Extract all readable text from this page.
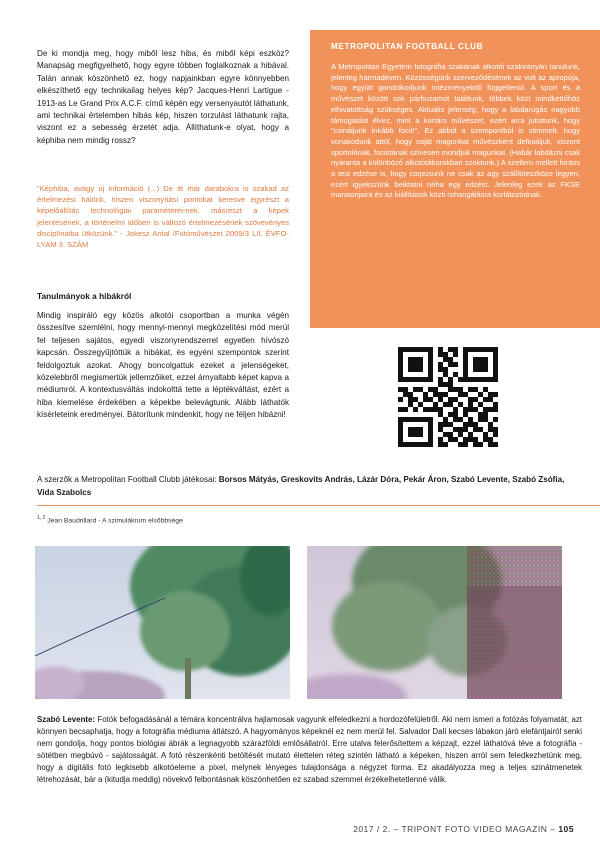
De ki mondja meg, hogy miből lesz hiba, és miből képi eszköz? Manapság megfigyelhető, hogy egyre többen foglalkoznak a hibával. Talán annak köszönhető ez, hogy napjainkban egyre könnyebben elkészíthető egy technikailag helyes kép? Jacques-Henri Lartigue - 1913-as Le Grand Prix A.C.F. című képén egy versenyautót láthatunk, ami technikai értelemben hibás kép, hiszen torzulást láthatunk rajta, viszont ez a sebesség érzetét adja. Állíthatunk-e olyat, hogy a képhiba nem mindig rossz?

"Képhiba, avagy új információ (...) De itt már darabokra is szakad az értelmezési hálónk, hiszen viszonyítási pontokat keresve egyrészt a képelőállítás technológiai paraméterei-nek, másrészt a képek jelentésének, a történelmi időben is változó értelmezésének szövevényes disciplínáiba ütközünk." - Jokesz Antal /Fotóművészet 2009/3 LII. ÉVFO-LYAM 3. SZÁM

Tanulmányok a hibákról

Mindig inspiráló egy közös alkotói csoportban a munka végén összesítve szemlélni, hogy mennyi-mennyi megközelítési mód merül fel teljesen sajátos, egyedi viszonyrendszerrel egyetlen hívószó kapcsán. Összegyűjtöttük a hibákat, és egyéni szempontok szerint feldolgoztuk azokat. Ahogy boncolgattuk ezeket a jelenségeket, közelebbről megismertük jellemzőiket, ezzel árnyaltabb képet kapva a médiumról. A kontextusváltás indokolttá tette a léptékváltást, ezért a hiba kiemelése érdekében a képekbe belevágtunk. Alább láthatók kísérleteink eredményei. Bátorítunk mindenkit, hogy ne féljen hibázni!

METROPOLITAN FOOTBALL CLUB

A Metropolitan Egyetem fotográfia szakának alkotói szakirányán tanulunk, jelenleg harmadéven. Közösségünk szerveződésének az volt az apropója, hogy együtt gondolkodjunk intézményektől függetlenül. A sport és a művészet között sok párhuzamot találtunk, többek közt mindkettőhöz elhivatottság szükséges. Aktuális jelenség, hogy a labdarúgás nagyobb támogatást élvez, mint a kortárs művészet, ezért arra jutottunk, hogy "csináljunk inkább focit!". Ez abból a szempontból is stimmelt, hogy vonakodunk attól, hogy saját magunkat művészként definiáljuk, viszont sportolónak, focistának szívesen mondjuk magunkat. (Habár labdázni csak nyaranta a különböző alkotótáborokban szoktunk.) A szellem mellett fontos a test edzése is, hogy corpusunk ne csak az agy szállítóeszköze legyen, ezért igyekszünk beiktatni néha egy edzést. Jelenleg ezek az FKSE maratonjaira és az kiállítások közti rohangálásra korlátozódnak.

A szerzők a Metropolitan Football Clubb játékosai: Borsos Mátyás, Greskovits András, Lázár Dóra, Pekár Áron, Szabó Levente, Szabó Zsófia, Vida Szabolcs

$^{1, 2}$ Jean Baudrillard - A szimulákrum elsőbbsége

Szabó Levente: Fotók befogadásánál a témára koncentrálva hajlamosak vagyunk elfeledkezni a hordozófelületről. Aki nem ismeri a fotózás folyamatát, azt könnyen becsaphatja, hogy a fotográfia médiuma átlátszó. A hagyományos képeknél ez nem merül fel. Salvador Dalí kecses lábakon járó elefántjairól senki nem gondolja, hogy pontos biológiai ábrák a legnagyobb szárazföldi emlősállatról. Erre utalva felerősítettem a képzajt, ezzel láthatóvá téve a fotográfia - sötétben megbúvó - sajátosságát. A fotó részenkénti betöltését mutató élettelen réteg szintén látható a képeken, hiszen arról sem feledkezhetünk meg, hogy a digitális fotó legkisebb alkotóeleme a pixel, melynek lényeges tulajdonsága a négyzet forma. Ez akadályozza meg a teljes szinátmenetek létrehozását, bár a (kitudja meddig) növekvő felbontásnak köszönhetően ez szabad szemmel érzékelhetetlenné válik.

2017 / 2. – TRIPONT FOTO VIDEO MAGAZIN – 105
